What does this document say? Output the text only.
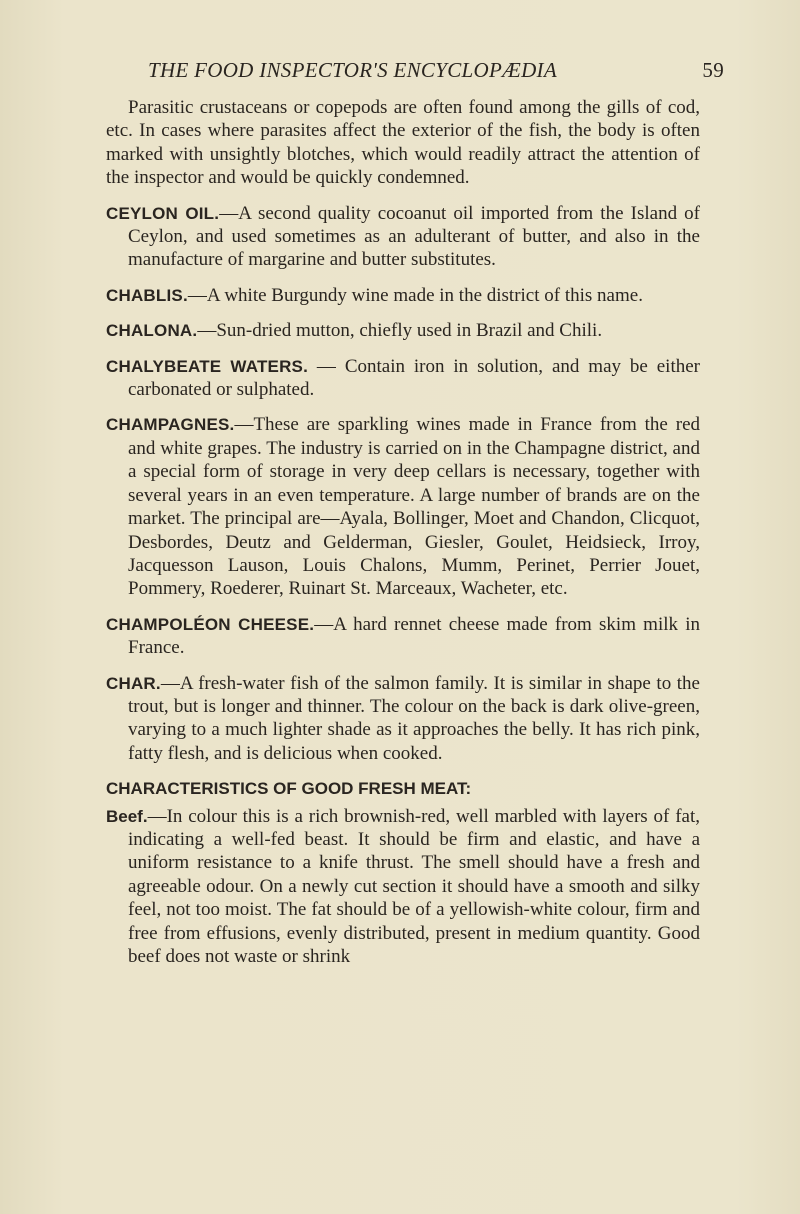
THE FOOD INSPECTOR'S ENCYCLOPÆDIA	59

Parasitic crustaceans or copepods are often found among the gills of cod, etc. In cases where parasites affect the exterior of the fish, the body is often marked with unsightly blotches, which would readily attract the attention of the inspector and would be quickly condemned.

CEYLON OIL.—A second quality cocoanut oil imported from the Island of Ceylon, and used sometimes as an adulterant of butter, and also in the manufacture of margarine and butter substitutes.

CHABLIS.—A white Burgundy wine made in the district of this name.

CHALONA.—Sun-dried mutton, chiefly used in Brazil and Chili.

CHALYBEATE WATERS. — Contain iron in solution, and may be either carbonated or sulphated.

CHAMPAGNES.—These are sparkling wines made in France from the red and white grapes. The industry is carried on in the Champagne district, and a special form of storage in very deep cellars is necessary, together with several years in an even temperature. A large number of brands are on the market. The principal are—Ayala, Bollinger, Moet and Chandon, Clicquot, Desbordes, Deutz and Gelderman, Giesler, Goulet, Heidsieck, Irroy, Jacquesson Lauson, Louis Chalons, Mumm, Perinet, Perrier Jouet, Pommery, Roederer, Ruinart St. Marceaux, Wacheter, etc.

CHAMPOLÉON CHEESE.—A hard rennet cheese made from skim milk in France.

CHAR.—A fresh-water fish of the salmon family. It is similar in shape to the trout, but is longer and thinner. The colour on the back is dark olive-green, varying to a much lighter shade as it approaches the belly. It has rich pink, fatty flesh, and is delicious when cooked.

CHARACTERISTICS OF GOOD FRESH MEAT:

Beef.—In colour this is a rich brownish-red, well marbled with layers of fat, indicating a well-fed beast. It should be firm and elastic, and have a uniform resistance to a knife thrust. The smell should have a fresh and agreeable odour. On a newly cut section it should have a smooth and silky feel, not too moist. The fat should be of a yellowish-white colour, firm and free from effusions, evenly distributed, present in medium quantity. Good beef does not waste or shrink
